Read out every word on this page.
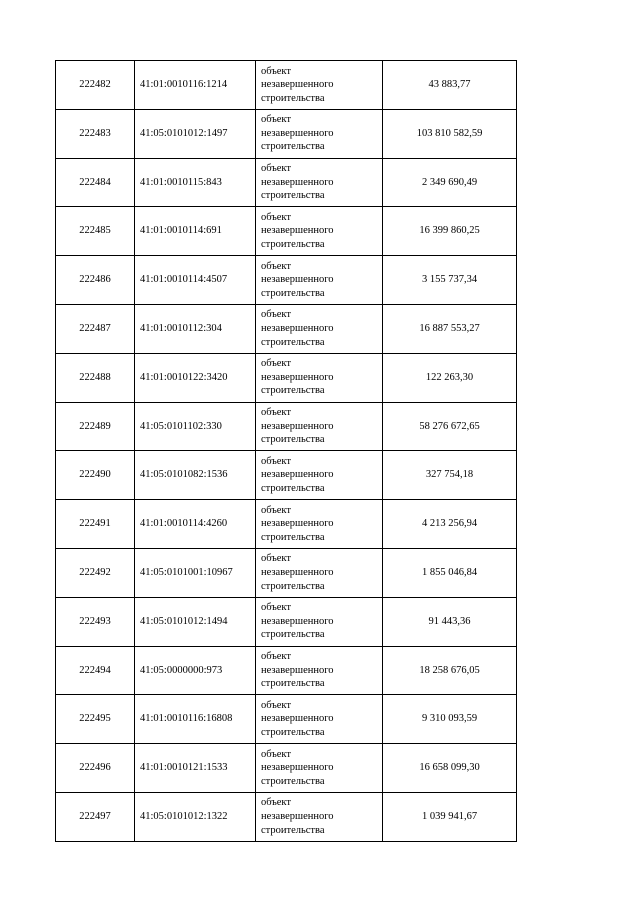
222482	41:01:0010116:1214	объект
незавершенного
строительства	43 883,77
222483	41:05:0101012:1497	объект
незавершенного
строительства	103 810 582,59
222484	41:01:0010115:843	объект
незавершенного
строительства	2 349 690,49
222485	41:01:0010114:691	объект
незавершенного
строительства	16 399 860,25
222486	41:01:0010114:4507	объект
незавершенного
строительства	3 155 737,34
222487	41:01:0010112:304	объект
незавершенного
строительства	16 887 553,27
222488	41:01:0010122:3420	объект
незавершенного
строительства	122 263,30
222489	41:05:0101102:330	объект
незавершенного
строительства	58 276 672,65
222490	41:05:0101082:1536	объект
незавершенного
строительства	327 754,18
222491	41:01:0010114:4260	объект
незавершенного
строительства	4 213 256,94
222492	41:05:0101001:10967	объект
незавершенного
строительства	1 855 046,84
222493	41:05:0101012:1494	объект
незавершенного
строительства	91 443,36
222494	41:05:0000000:973	объект
незавершенного
строительства	18 258 676,05
222495	41:01:0010116:16808	объект
незавершенного
строительства	9 310 093,59
222496	41:01:0010121:1533	объект
незавершенного
строительства	16 658 099,30
222497	41:05:0101012:1322	объект
незавершенного
строительства	1 039 941,67
